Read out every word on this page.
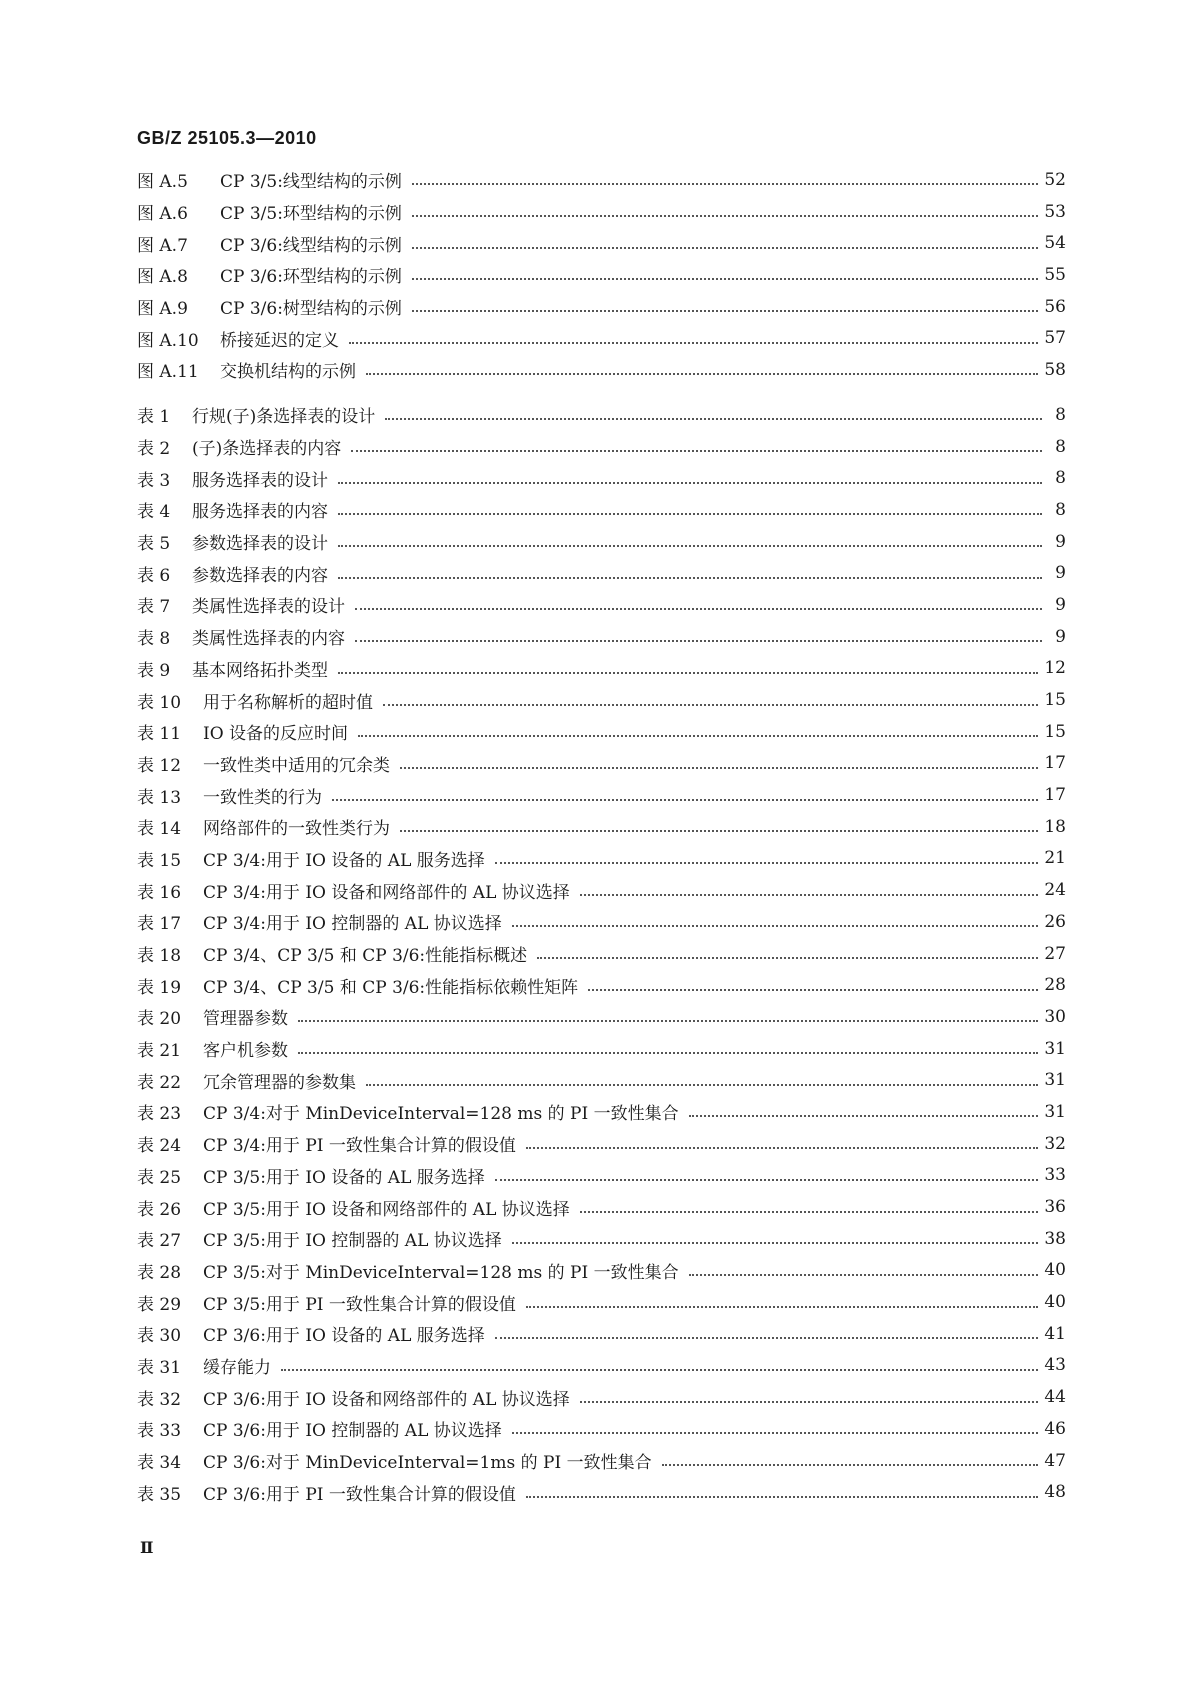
GB/Z 25105.3—2010
图 A.5	CP 3/5:线型结构的示例	52
图 A.6	CP 3/5:环型结构的示例	53
图 A.7	CP 3/6:线型结构的示例	54
图 A.8	CP 3/6:环型结构的示例	55
图 A.9	CP 3/6:树型结构的示例	56
图 A.10	桥接延迟的定义	57
图 A.11	交换机结构的示例	58
表 1	行规(子)条选择表的设计	8
表 2	(子)条选择表的内容	8
表 3	服务选择表的设计	8
表 4	服务选择表的内容	8
表 5	参数选择表的设计	9
表 6	参数选择表的内容	9
表 7	类属性选择表的设计	9
表 8	类属性选择表的内容	9
表 9	基本网络拓扑类型	12
表 10	用于名称解析的超时值	15
表 11	IO 设备的反应时间	15
表 12	一致性类中适用的冗余类	17
表 13	一致性类的行为	17
表 14	网络部件的一致性类行为	18
表 15	CP 3/4:用于 IO 设备的 AL 服务选择	21
表 16	CP 3/4:用于 IO 设备和网络部件的 AL 协议选择	24
表 17	CP 3/4:用于 IO 控制器的 AL 协议选择	26
表 18	CP 3/4、CP 3/5 和 CP 3/6:性能指标概述	27
表 19	CP 3/4、CP 3/5 和 CP 3/6:性能指标依赖性矩阵	28
表 20	管理器参数	30
表 21	客户机参数	31
表 22	冗余管理器的参数集	31
表 23	CP 3/4:对于 MinDeviceInterval=128 ms 的 PI 一致性集合	31
表 24	CP 3/4:用于 PI 一致性集合计算的假设值	32
表 25	CP 3/5:用于 IO 设备的 AL 服务选择	33
表 26	CP 3/5:用于 IO 设备和网络部件的 AL 协议选择	36
表 27	CP 3/5:用于 IO 控制器的 AL 协议选择	38
表 28	CP 3/5:对于 MinDeviceInterval=128 ms 的 PI 一致性集合	40
表 29	CP 3/5:用于 PI 一致性集合计算的假设值	40
表 30	CP 3/6:用于 IO 设备的 AL 服务选择	41
表 31	缓存能力	43
表 32	CP 3/6:用于 IO 设备和网络部件的 AL 协议选择	44
表 33	CP 3/6:用于 IO 控制器的 AL 协议选择	46
表 34	CP 3/6:对于 MinDeviceInterval=1ms 的 PI 一致性集合	47
表 35	CP 3/6:用于 PI 一致性集合计算的假设值	48
Ⅱ
